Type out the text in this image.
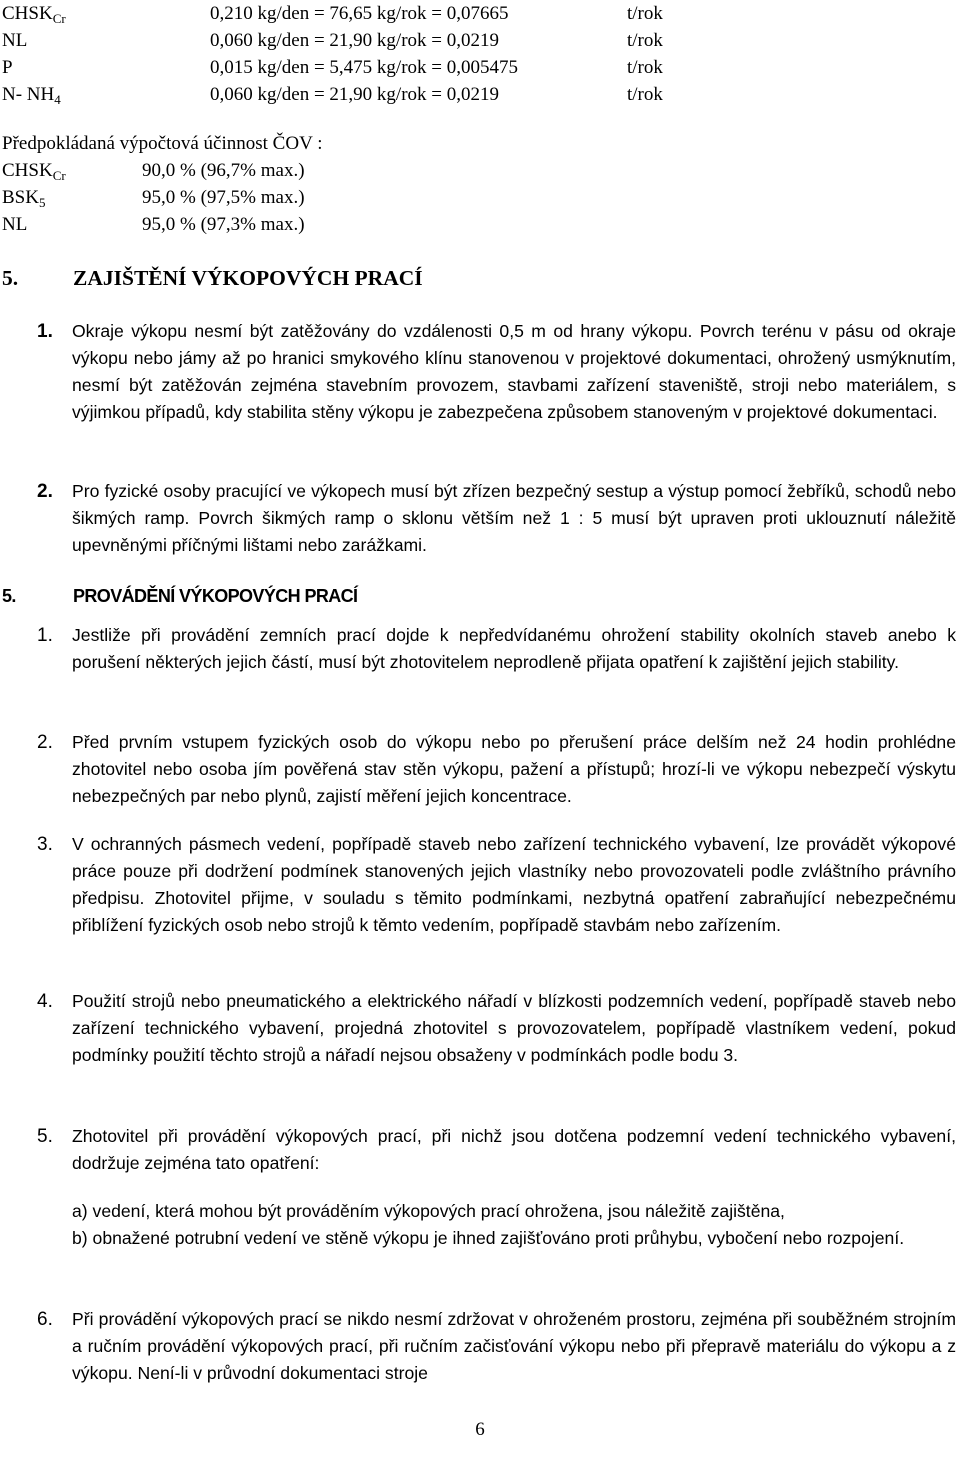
$CHSK_{Cr}$	0,210 kg/den = 76,65 kg/rok = 0,07665	t/rok
NL	0,060 kg/den = 21,90 kg/rok = 0,0219	t/rok
P	0,015 kg/den = 5,475 kg/rok = 0,005475	t/rok
N- $NH_4$	0,060 kg/den = 21,90 kg/rok = 0,0219	t/rok
Předpokládaná výpočtová účinnost ČOV :
$CHSK_{Cr}$	90,0 % (96,7% max.)
$BSK_5$	95,0 % (97,5% max.)
NL	95,0 % (97,3% max.)
5.	ZAJIŠTĚNÍ VÝKOPOVÝCH PRACÍ
1. Okraje výkopu nesmí být zatěžovány do vzdálenosti 0,5 m od hrany výkopu. Povrch terénu v pásu od okraje výkopu nebo jámy až po hranici smykového klínu stanovenou v projektové dokumentaci, ohrožený usmýknutím, nesmí být zatěžován zejména stavebním provozem, stavbami zařízení staveniště, stroji nebo materiálem, s výjimkou případů, kdy stabilita stěny výkopu je zabezpečena způsobem stanoveným v projektové dokumentaci.
2. Pro fyzické osoby pracující ve výkopech musí být zřízen bezpečný sestup a výstup pomocí žebříků, schodů nebo šikmých ramp. Povrch šikmých ramp o sklonu větším než 1 : 5 musí být upraven proti uklouznutí náležitě upevněnými příčnými lištami nebo zarážkami.
5.	PROVÁDĚNÍ VÝKOPOVÝCH PRACÍ
1. Jestliže při provádění zemních prací dojde k nepředvídanému ohrožení stability okolních staveb anebo k porušení některých jejich částí, musí být zhotovitelem neprodleně přijata opatření k zajištění jejich stability.
2. Před prvním vstupem fyzických osob do výkopu nebo po přerušení práce delším než 24 hodin prohlédne zhotovitel nebo osoba jím pověřená stav stěn výkopu, pažení a přístupů; hrozí-li ve výkopu nebezpečí výskytu nebezpečných par nebo plynů, zajistí měření jejich koncentrace.
3. V ochranných pásmech vedení, popřípadě staveb nebo zařízení technického vybavení, lze provádět výkopové práce pouze při dodržení podmínek stanovených jejich vlastníky nebo provozovateli podle zvláštního právního předpisu. Zhotovitel přijme, v souladu s těmito podmínkami, nezbytná opatření zabraňující nebezpečnému přiblížení fyzických osob nebo strojů k těmto vedením, popřípadě stavbám nebo zařízením.
4. Použití strojů nebo pneumatického a elektrického nářadí v blízkosti podzemních vedení, popřípadě staveb nebo zařízení technického vybavení, projedná zhotovitel s provozovatelem, popřípadě vlastníkem vedení, pokud podmínky použití těchto strojů a nářadí nejsou obsaženy v podmínkách podle bodu 3.
5. Zhotovitel při provádění výkopových prací, při nichž jsou dotčena podzemní vedení technického vybavení, dodržuje zejména tato opatření:
a) vedení, která mohou být prováděním výkopových prací ohrožena, jsou náležitě zajištěna,
b) obnažené potrubní vedení ve stěně výkopu je ihned zajišťováno proti průhybu, vybočení nebo rozpojení.
6. Při provádění výkopových prací se nikdo nesmí zdržovat v ohroženém prostoru, zejména při souběžném strojním a ručním provádění výkopových prací, při ručním začisťování výkopu nebo při přepravě materiálu do výkopu a z výkopu. Není-li v průvodní dokumentaci stroje
6
